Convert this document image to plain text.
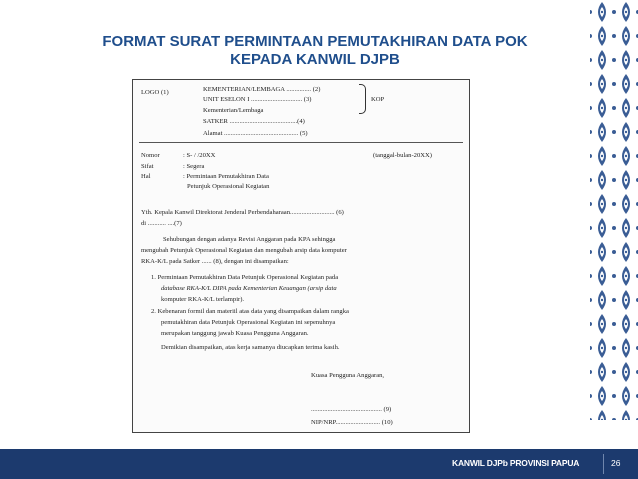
FORMAT SURAT PERMINTAAN PEMUTAKHIRAN DATA POK
KEPADA KANWIL DJPB
LOGO (1)	KEMENTERIAN/LEMBAGA ............... (2)
UNIT ESELON I ............................... (3)	KOP
Kementerian/Lembaga
SATKER .........................................(4)
Alamat ............................................. (5)
Nomor	: S- / /20XX	(tanggal-bulan-20XX)
Sifat	: Segera
Hal	: Permintaan Pemutakhiran Data
Petunjuk Operasional Kegiatan
Yth. Kepala Kanwil Direktorat Jenderal Perbendaharaan........................... (6)
di ........... ....(7)
Sehubungan dengan adanya Revisi Anggaran pada KPA sehingga
mengubah Petunjuk Operasional Kegiatan dan mengubah arsip data komputer
RKA-K/L pada Satker ...... (8), dengan ini disampaikan:
1. Permintaan Pemutakhiran Data Petunjuk Operasional Kegiatan pada
database RKA-K/L DIPA pada Kementerian Keuangan (arsip data
komputer RKA-K/L terlampir).
2. Kebenaran formil dan materiil atas data yang disampaikan dalam rangka
pemutakhiran data Petunjuk Operasional Kegiatan ini sepenuhnya
merupakan tanggung jawab Kuasa Pengguna Anggaran.
Demikian disampaikan, atas kerja samanya diucapkan terima kasih.
Kuasa Pengguna Anggaran,
........................................... (9)
NIP/NRP........................... (10)
KANWIL DJPb PROVINSI PAPUA	26
